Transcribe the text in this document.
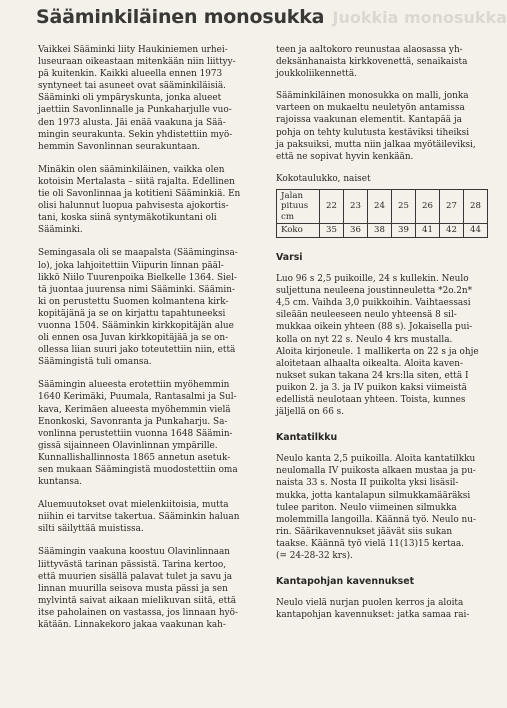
Juokkia monosukka
Sääminkiläinen monosukka

Vaikkei Sääminki liity Haukiniemen urhei-
luseuraan oikeastaan mitenkään niin liittyy-
pä kuitenkin. Kaikki alueella ennen 1973
syntyneet tai asuneet ovat sääminkiläisiä.
Sääminki oli ympäryskunta, jonka alueet
jaettiin Savonlinnalle ja Punkaharjulle vuo-
den 1973 alusta. Jäi enää vaakuna ja Sää-
mingin seurakunta. Sekin yhdistettiin myö-
hemmin Savonlinnan seurakuntaan.

Minäkin olen sääminkiläinen, vaikka olen
kotoisin Mertalasta – siitä rajalta. Edellinen
tie oli Savonlinnaa ja kotitieni Sääminkiä. En
olisi halunnut luopua pahvisesta ajokortis-
tani, koska siinä syntymäkotikuntani oli
Sääminki.

Semingasala oli se maapalsta (Sääminginsa-
lo), joka lahjoitettiin Viipurin linnan pääl-
likkö Niilo Tuurenpoika Bielkelle 1364. Siel-
tä juontaa juurensa nimi Sääminki. Säämin-
ki on perustettu Suomen kolmantena kirk-
kopitäjänä ja se on kirjattu tapahtuneeksi
vuonna 1504. Sääminkin kirkkopitäjän alue
oli ennen osa Juvan kirkkopitäjää ja se on-
ollessa liian suuri jako toteutettiin niin, että
Säämingistä tuli omansa.

Säämingin alueesta erotettiin myöhemmin
1640 Kerimäki, Puumala, Rantasalmi ja Sul-
kava, Kerimäen alueesta myöhemmin vielä
Enonkoski, Savonranta ja Punkaharju. Sa-
vonlinna perustettiin vuonna 1648 Säämin-
gissä sijainneen Olavinlinnan ympärille.
Kunnallishallinnosta 1865 annetun asetuk-
sen mukaan Säämingistä muodostettiin oma
kuntansa.

Aluemuutokset ovat mielenkiitoisia, mutta
niihin ei tarvitse takertua. Sääminkin haluan
silti säilyttää muistissa.

Säämingin vaakuna koostuu Olavinlinnaan
liittyvästä tarinan pässistä. Tarina kertoo,
että muurien sisällä palavat tulet ja savu ja
linnan muurilla seisova musta pässi ja sen
mylvintä saivat aikaan mielikuvan siitä, että
itse paholainen on vastassa, jos linnaan hyö-
kätään. Linnakekoro jakaa vaakunan kah-

teen ja aaltokoro reunustaa alaosassa yh-
deksänhanaista kirkkovenettä, senaikaista
joukkoliikennettä.

Sääminkiläinen monosukka on malli, jonka
varteen on mukaeltu neuletyön antamissa
rajoissa vaakunan elementit. Kantapää ja
pohja on tehty kulutusta kestäviksi tiheiksi
ja paksuiksi, mutta niin jalkaa myötäileviksi,
että ne sopivat hyvin kenkään.

Kokotaulukko, naiset

Jalan
pituus
cm	22	23	24	25	26	27	28
Koko	35	36	38	39	41	42	44
Varsi

Luo 96 s 2,5 puikoille, 24 s kullekin. Neulo
suljettuna neuleena joustinneuletta *2o.2n*
4,5 cm. Vaihda 3,0 puikkoihin. Vaihtaessasi
sileään neuleeseen neulo yhteensä 8 sil-
mukkaa oikein yhteen (88 s). Jokaisella pui-
kolla on nyt 22 s. Neulo 4 krs mustalla.
Aloita kirjoneule. 1 mallikerta on 22 s ja ohje
aloitetaan alhaalta oikealta. Aloita kaven-
nukset sukan takana 24 krs:lla siten, että I
puikon 2. ja 3. ja IV puikon kaksi viimeistä
edellistä neulotaan yhteen. Toista, kunnes
jäljellä on 66 s.

Kantatilkku

Neulo kanta 2,5 puikoilla. Aloita kantatilkku
neulomalla IV puikosta alkaen mustaa ja pu-
naista 33 s. Nosta II puikolta yksi lisäsil-
mukka, jotta kantalapun silmukkamääräksi
tulee pariton. Neulo viimeinen silmukka
molemmilla langoilla. Käännä työ. Neulo nu-
rin. Säärikavennukset jäävät siis sukan
taakse. Käännä työ vielä 11(13)15 kertaa.
(= 24-28-32 krs).

Kantapohjan kavennukset

Neulo vielä nurjan puolen kerros ja aloita
kantapohjan kavennukset: jatka samaa rai-
